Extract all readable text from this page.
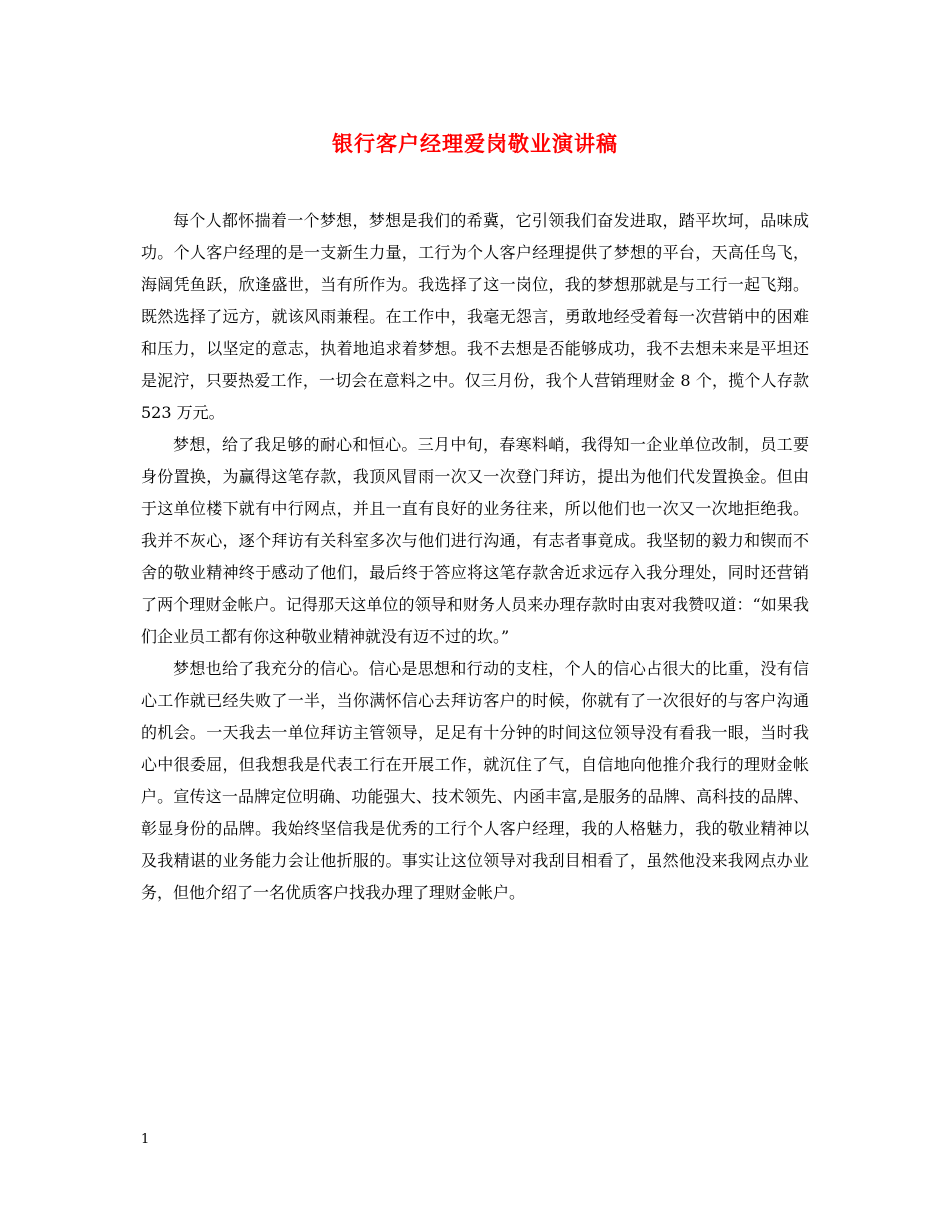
银行客户经理爱岗敬业演讲稿

每个人都怀揣着一个梦想，梦想是我们的希冀，它引领我们奋发进取，踏平坎坷，品味成功。个人客户经理的是一支新生力量，工行为个人客户经理提供了梦想的平台，天高任鸟飞，海阔凭鱼跃，欣逢盛世，当有所作为。我选择了这一岗位，我的梦想那就是与工行一起飞翔。既然选择了远方，就该风雨兼程。在工作中，我毫无怨言，勇敢地经受着每一次营销中的困难和压力，以坚定的意志，执着地追求着梦想。我不去想是否能够成功，我不去想未来是平坦还是泥泞，只要热爱工作，一切会在意料之中。仅三月份，我个人营销理财金 8 个，揽个人存款 523 万元。

梦想，给了我足够的耐心和恒心。三月中旬，春寒料峭，我得知一企业单位改制，员工要身份置换，为赢得这笔存款，我顶风冒雨一次又一次登门拜访，提出为他们代发置换金。但由于这单位楼下就有中行网点，并且一直有良好的业务往来，所以他们也一次又一次地拒绝我。我并不灰心，逐个拜访有关科室多次与他们进行沟通，有志者事竟成。我坚韧的毅力和锲而不舍的敬业精神终于感动了他们，最后终于答应将这笔存款舍近求远存入我分理处，同时还营销了两个理财金帐户。记得那天这单位的领导和财务人员来办理存款时由衷对我赞叹道：“如果我们企业员工都有你这种敬业精神就没有迈不过的坎。”

梦想也给了我充分的信心。信心是思想和行动的支柱，个人的信心占很大的比重，没有信心工作就已经失败了一半，当你满怀信心去拜访客户的时候，你就有了一次很好的与客户沟通的机会。一天我去一单位拜访主管领导，足足有十分钟的时间这位领导没有看我一眼，当时我心中很委屈，但我想我是代表工行在开展工作，就沉住了气，自信地向他推介我行的理财金帐户。宣传这一品牌定位明确、功能强大、技术领先、内函丰富,是服务的品牌、高科技的品牌、彰显身份的品牌。我始终坚信我是优秀的工行个人客户经理，我的人格魅力，我的敬业精神以及我精谌的业务能力会让他折服的。事实让这位领导对我刮目相看了，虽然他没来我网点办业务，但他介绍了一名优质客户找我办理了理财金帐户。

1
